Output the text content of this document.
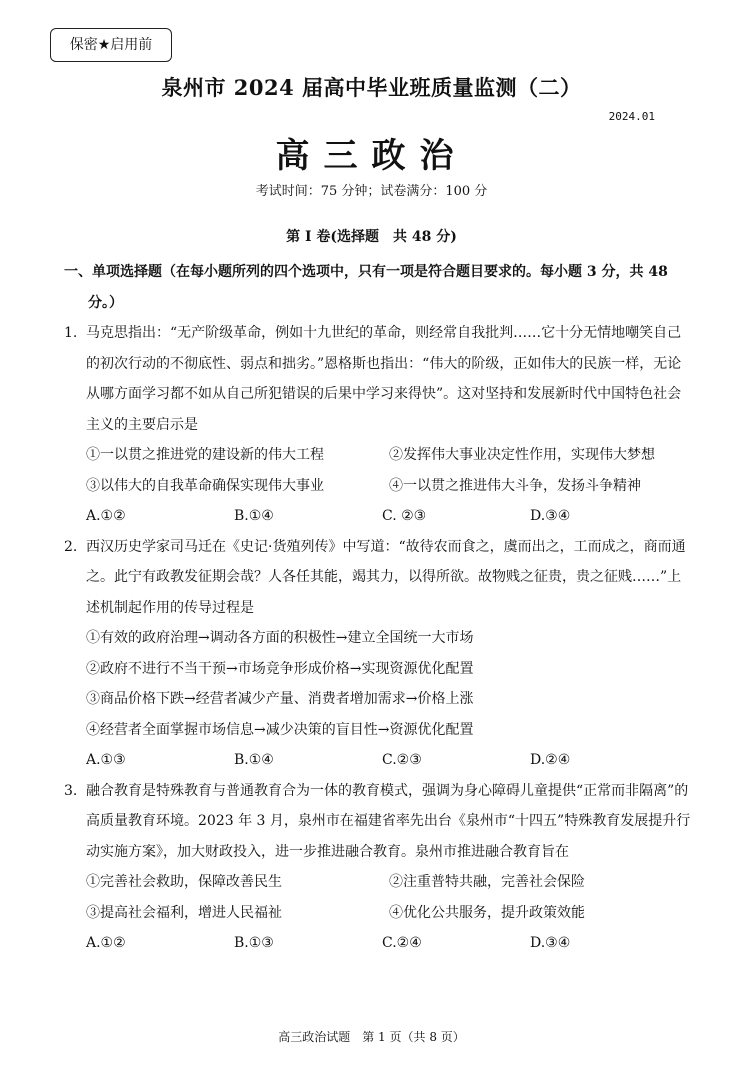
保密★启用前
泉州市 2024 届高中毕业班质量监测（二）
2024.01
高三政治
考试时间：75 分钟；试卷满分：100 分
第 I 卷(选择题　共 48 分)
一、单项选择题（在每小题所列的四个选项中，只有一项是符合题目要求的。每小题 3 分，共 48 分。）
1. 马克思指出：“无产阶级革命，例如十九世纪的革命，则经常自我批判……它十分无情地嘲笑自己的初次行动的不彻底性、弱点和拙劣。”恩格斯也指出：“伟大的阶级，正如伟大的民族一样，无论从哪方面学习都不如从自己所犯错误的后果中学习来得快”。这对坚持和发展新时代中国特色社会主义的主要启示是
①一以贯之推进党的建设新的伟大工程	②发挥伟大事业决定性作用，实现伟大梦想
③以伟大的自我革命确保实现伟大事业	④一以贯之推进伟大斗争，发扬斗争精神
A.①②	B.①④	C. ②③	D.③④
2. 西汉历史学家司马迁在《史记·货殖列传》中写道：“故待农而食之，虞而出之，工而成之，商而通之。此宁有政教发征期会哉？人各任其能，竭其力，以得所欲。故物贱之征贵，贵之征贱……”上述机制起作用的传导过程是
①有效的政府治理→调动各方面的积极性→建立全国统一大市场
②政府不进行不当干预→市场竞争形成价格→实现资源优化配置
③商品价格下跌→经营者减少产量、消费者增加需求→价格上涨
④经营者全面掌握市场信息→减少决策的盲目性→资源优化配置
A.①③	B.①④	C.②③	D.②④
3. 融合教育是特殊教育与普通教育合为一体的教育模式，强调为身心障碍儿童提供“正常而非隔离”的高质量教育环境。2023 年 3 月，泉州市在福建省率先出台《泉州市“十四五”特殊教育发展提升行动实施方案》，加大财政投入，进一步推进融合教育。泉州市推进融合教育旨在
①完善社会救助，保障改善民生	②注重普特共融，完善社会保险
③提高社会福利，增进人民福祉	④优化公共服务，提升政策效能
A.①②	B.①③	C.②④	D.③④
高三政治试题　第 1 页（共 8 页）
